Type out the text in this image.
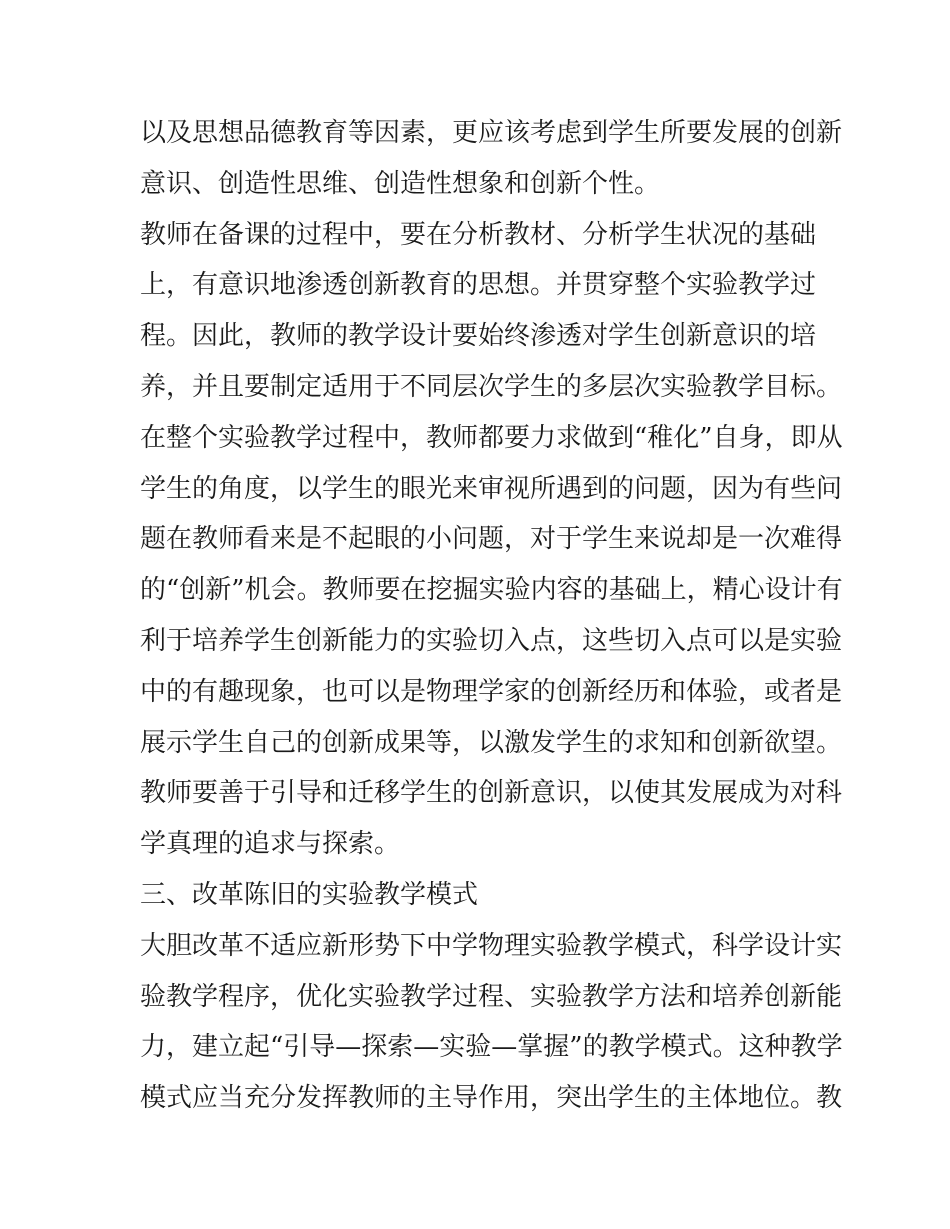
以及思想品德教育等因素，更应该考虑到学生所要发展的创新
意识、创造性思维、创造性想象和创新个性。
教师在备课的过程中，要在分析教材、分析学生状况的基础
上，有意识地渗透创新教育的思想。并贯穿整个实验教学过
程。因此，教师的教学设计要始终渗透对学生创新意识的培
养，并且要制定适用于不同层次学生的多层次实验教学目标。
在整个实验教学过程中，教师都要力求做到“稚化”自身，即从
学生的角度，以学生的眼光来审视所遇到的问题，因为有些问
题在教师看来是不起眼的小问题，对于学生来说却是一次难得
的“创新”机会。教师要在挖掘实验内容的基础上，精心设计有
利于培养学生创新能力的实验切入点，这些切入点可以是实验
中的有趣现象，也可以是物理学家的创新经历和体验，或者是
展示学生自己的创新成果等，以激发学生的求知和创新欲望。
教师要善于引导和迁移学生的创新意识，以使其发展成为对科
学真理的追求与探索。
三、改革陈旧的实验教学模式
大胆改革不适应新形势下中学物理实验教学模式，科学设计实
验教学程序，优化实验教学过程、实验教学方法和培养创新能
力，建立起“引导—探索—实验—掌握”的教学模式。这种教学
模式应当充分发挥教师的主导作用，突出学生的主体地位。教
